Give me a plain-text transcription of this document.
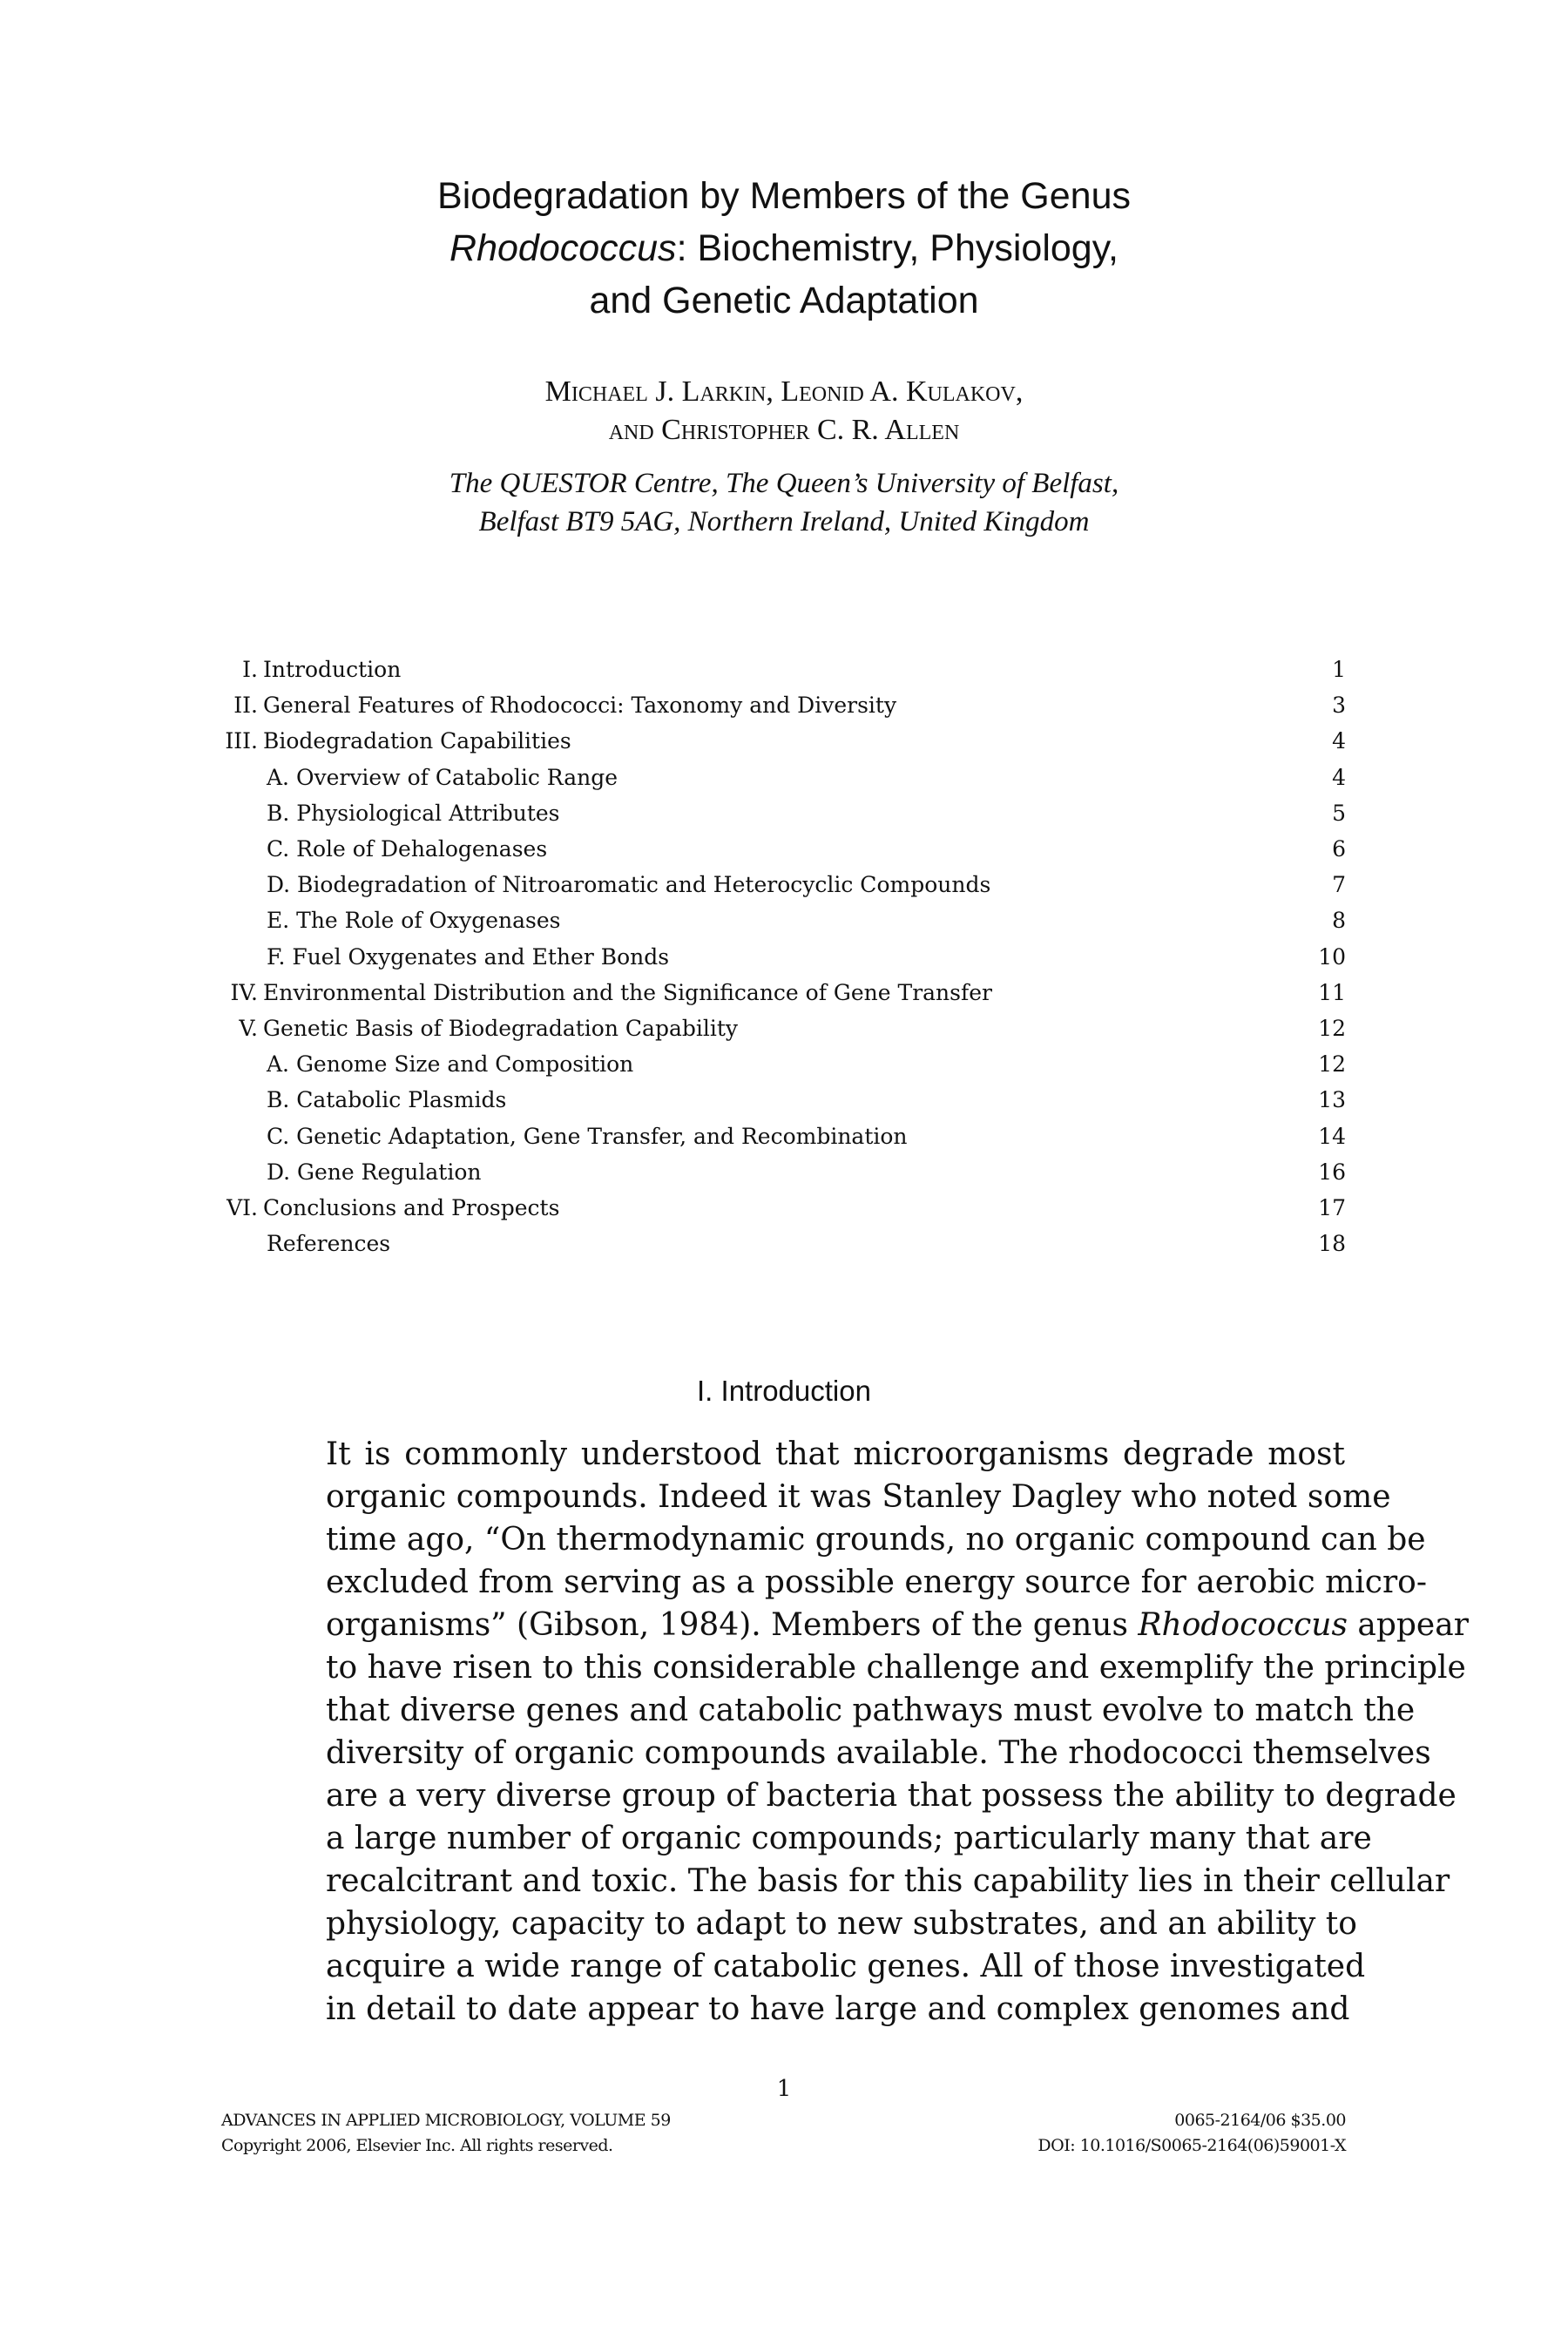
Biodegradation by Members of the Genus
Rhodococcus: Biochemistry, Physiology,
and Genetic Adaptation
Michael J. Larkin, Leonid A. Kulakov,
and Christopher C. R. Allen
The QUESTOR Centre, The Queen’s University of Belfast,
Belfast BT9 5AG, Northern Ireland, United Kingdom
I. Introduction	1
II. General Features of Rhodococci: Taxonomy and Diversity	3
III. Biodegradation Capabilities	4
A. Overview of Catabolic Range	4
B. Physiological Attributes	5
C. Role of Dehalogenases	6
D. Biodegradation of Nitroaromatic and Heterocyclic Compounds	7
E. The Role of Oxygenases	8
F. Fuel Oxygenates and Ether Bonds	10
IV. Environmental Distribution and the Significance of Gene Transfer	11
V. Genetic Basis of Biodegradation Capability	12
A. Genome Size and Composition	12
B. Catabolic Plasmids	13
C. Genetic Adaptation, Gene Transfer, and Recombination	14
D. Gene Regulation	16
VI. Conclusions and Prospects	17
References	18
I. Introduction
It is commonly understood that microorganisms degrade most
organic compounds. Indeed it was Stanley Dagley who noted some
time ago, “On thermodynamic grounds, no organic compound can be
excluded from serving as a possible energy source for aerobic micro-
organisms” (Gibson, 1984). Members of the genus Rhodococcus appear
to have risen to this considerable challenge and exemplify the principle
that diverse genes and catabolic pathways must evolve to match the
diversity of organic compounds available. The rhodococci themselves
are a very diverse group of bacteria that possess the ability to degrade
a large number of organic compounds; particularly many that are
recalcitrant and toxic. The basis for this capability lies in their cellular
physiology, capacity to adapt to new substrates, and an ability to
acquire a wide range of catabolic genes. All of those investigated
in detail to date appear to have large and complex genomes and
1
ADVANCES IN APPLIED MICROBIOLOGY, VOLUME 59
Copyright 2006, Elsevier Inc. All rights reserved.
0065-2164/06 $35.00
DOI: 10.1016/S0065-2164(06)59001-X
